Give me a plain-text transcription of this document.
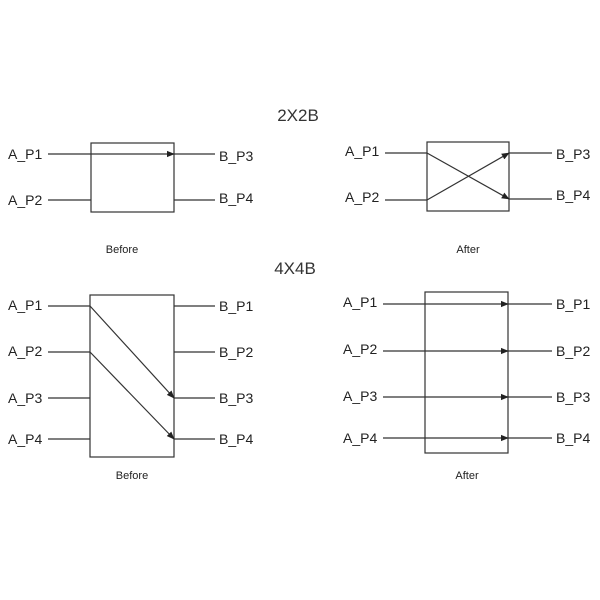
2X2B
A_P1
A_P2
B_P3
B_P4
Before
A_P1
A_P2
B_P3
B_P4
After
4X4B
A_P1
A_P2
A_P3
A_P4
B_P1
B_P2
B_P3
B_P4
Before
A_P1
A_P2
A_P3
A_P4
B_P1
B_P2
B_P3
B_P4
After
